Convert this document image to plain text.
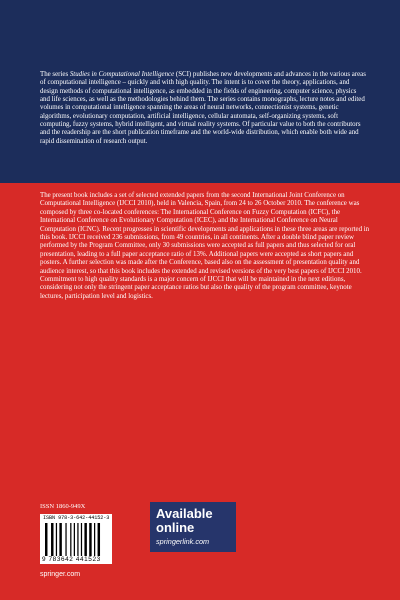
The series Studies in Computational Intelligence (SCI) publishes new developments and advances in the various areas of computational intelligence – quickly and with high quality. The intent is to cover the theory, applications, and design methods of computational intelligence, as embedded in the fields of engineering, computer science, physics and life sciences, as well as the methodologies behind them. The series contains monographs, lecture notes and edited volumes in computational intelligence spanning the areas of neural networks, connectionist systems, genetic algorithms, evolutionary computation, artificial intelligence, cellular automata, self-organizing systems, soft computing, fuzzy systems, hybrid intelligent, and virtual reality systems. Of particular value to both the contributors and the readership are the short publication timeframe and the world-wide distribution, which enable both wide and rapid dissemination of research output.

The present book includes a set of selected extended papers from the second International Joint Conference on Computational Intelligence (IJCCI 2010), held in Valencia, Spain, from 24 to 26 October 2010. The conference was composed by three co-located conferences: The International Conference on Fuzzy Computation (ICFC), the International Conference on Evolutionary Computation (ICEC), and the International Conference on Neural Computation (ICNC). Recent progresses in scientific developments and applications in these three areas are reported in this book. IJCCI received 236 submissions, from 49 countries, in all continents. After a double blind paper review performed by the Program Committee, only 30 submissions were accepted as full papers and thus selected for oral presentation, leading to a full paper acceptance ratio of 13%. Additional papers were accepted as short papers and posters. A further selection was made after the Conference, based also on the assessment of presentation quality and audience interest, so that this book includes the extended and revised versions of the very best papers of IJCCI 2010. Commitment to high quality standards is a major concern of IJCCI that will be maintained in the next editions, considering not only the stringent paper acceptance ratios but also the quality of the program committee, keynote lectures, participation level and logistics.

ISSN 1860-949X
ISBN 978-3-642-44152-3
9 783642 441523
Available
online
springerlink.com
springer.com
